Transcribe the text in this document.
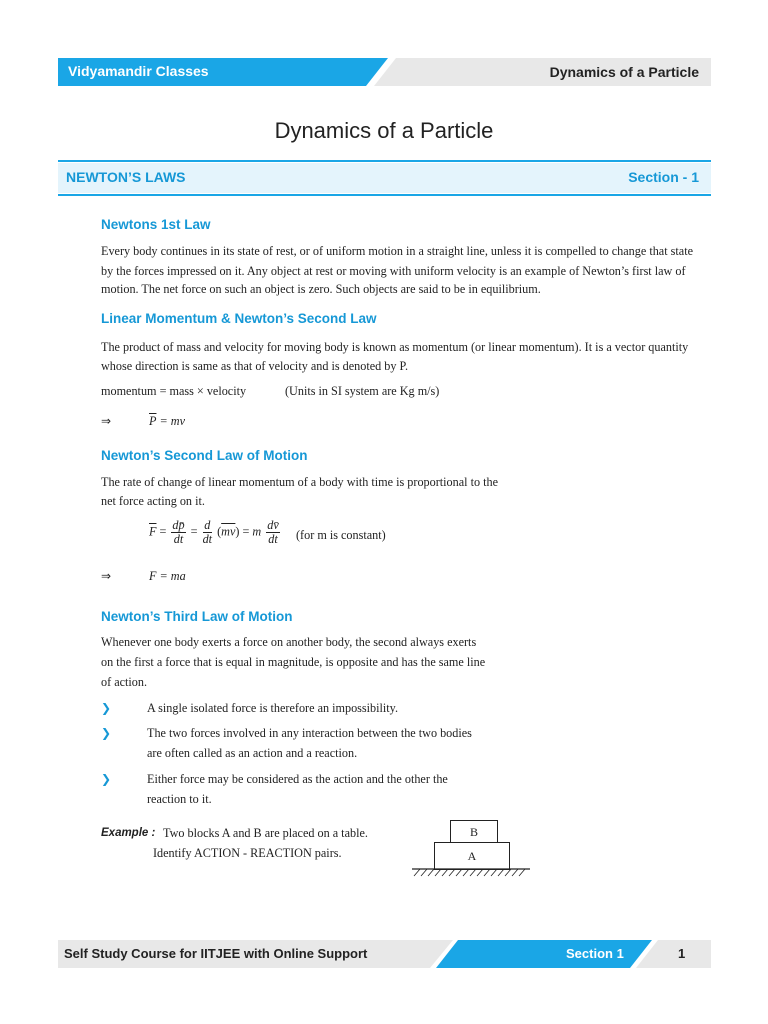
Vidyamandir Classes	Dynamics of a Particle
Dynamics of a Particle
NEWTON’S LAWS	Section - 1
Newtons 1st Law
Every body continues in its state of rest, or of uniform motion in a straight line, unless it is compelled to change that state
by the forces impressed on it. Any object at rest or moving with uniform velocity is an example of Newton’s first law of
motion. The net force on such an object is zero. Such objects are said to be in equilibrium.
Linear Momentum & Newton’s Second Law
The product of mass and velocity for moving body is known as momentum (or linear momentum). It is a vector quantity
whose direction is same as that of velocity and is denoted by P.
momentum = mass × velocity	(Units in SI system are Kg m/s)
⇒	$\overline{P}$ = mv
Newton’s Second Law of Motion
The rate of change of linear momentum of a body with time is proportional to the
net force acting on it.
$\overline{F} = \frac{dp̄}{dt} = \frac{d}{dt} (\overline{mv}) = m \frac{dv̄}{dt} (for$ m is constant)
⇒	F = ma
Newton’s Third Law of Motion
Whenever one body exerts a force on another body, the second always exerts
on the first a force that is equal in magnitude, is opposite and has the same line
of action.
❯	A single isolated force is therefore an impossibility.
❯	The two forces involved in any interaction between the two bodies
are often called as an action and a reaction.
❯	Either force may be considered as the action and the other the
reaction to it.
Example : Two blocks A and B are placed on a table.
Identify ACTION - REACTION pairs.
B
A
Self Study Course for IITJEE with Online Support	Section 1	1
